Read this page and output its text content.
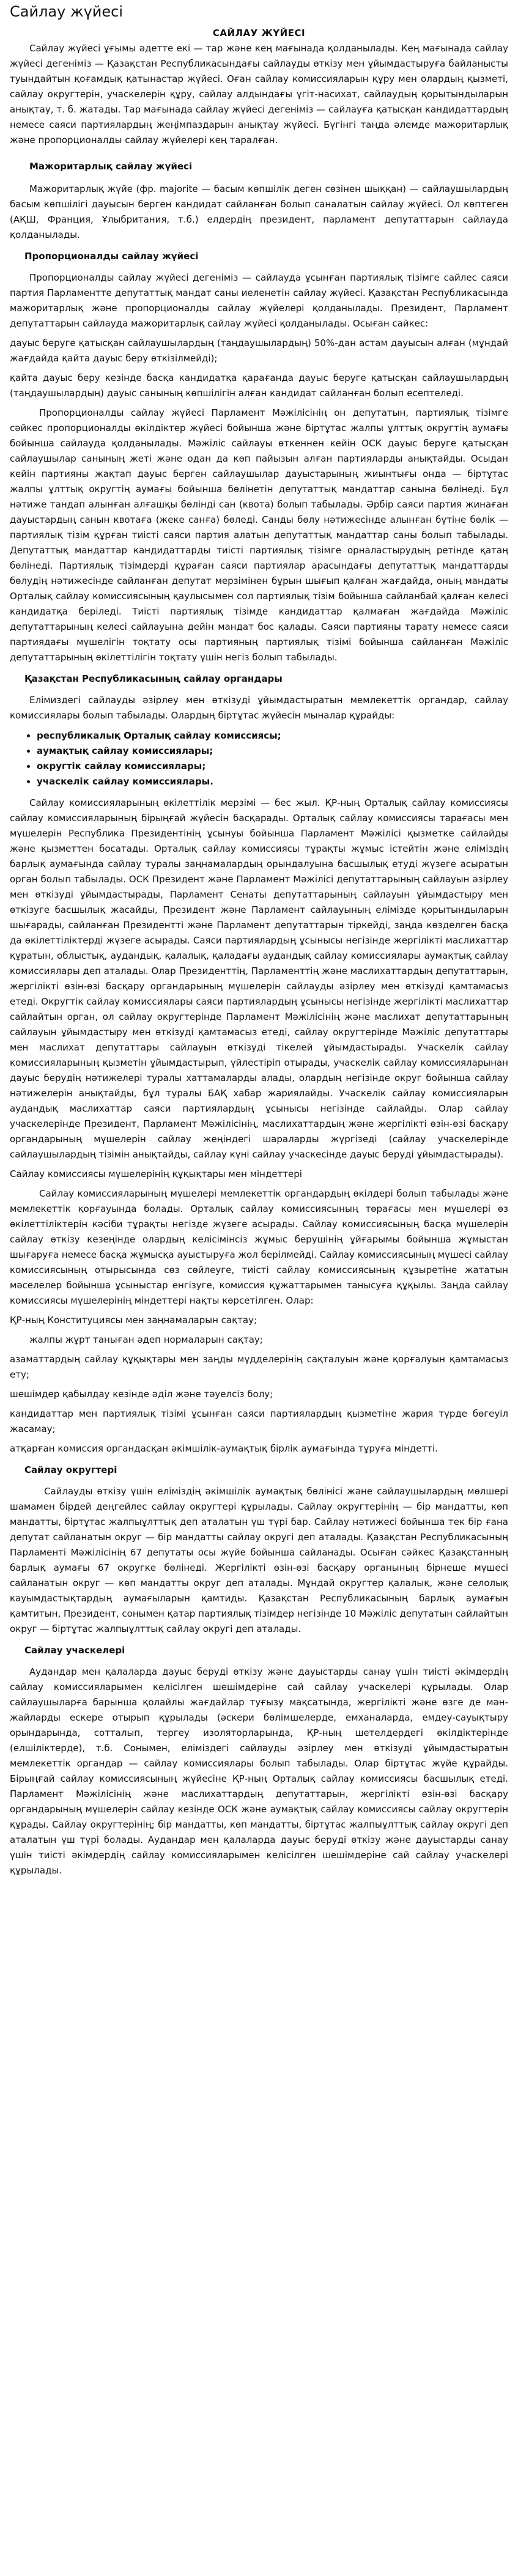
Сайлау жүйесі
САЙЛАУ ЖҮЙЕСІ

Сайлау жүйесі ұғымы әдетте екі — тар және кең мағынада қолданылады. Кең мағынада сайлау жүйесі дегеніміз — Қазақстан Республикасындағы сайлауды өткізу мен ұйымдастыруға байланысты туындайтын қоғамдық қатынастар жүйесі. Оған сайлау комиссияларын құру мен олардың қызметі, сайлау округтерін, учаскелерін құру, сайлау алдындағы үгіт-насихат, сайлаудың қорытындыларын анықтау, т. б. жатады. Тар мағынада сайлау жүйесі дегеніміз — сайлауға қатысқан кандидаттардың немесе саяси партиялардың жеңімпаздарын анықтау жүйесі. Бүгінгі таңда әлемде мажоритарлық және пропорционалды сайлау жүйелері кең таралған.

Мажоритарлық сайлау жүйесі

Мажоритарлық жүйе (фр. majorite — басым көпшілік деген сөзінен шыққан) — сайлаушылардың басым көпшілігі дауысын берген кандидат сайланған болып саналатын сайлау жүйесі. Ол көптеген (АҚШ, Франция, Ұлыбритания, т.б.) елдердің президент, парламент депутаттарын сайлауда қолданылады.

Пропорционалды сайлау жүйесі

Пропорционалды сайлау жүйесі дегеніміз — сайлауда ұсынған партиялық тізімге сайлес саяси партия Парламентте депутаттық мандат саны иеленетін сайлау жүйесі. Қазақстан Республикасында мажоритарлық және пропорционалды сайлау жүйелері қолданылады. Президент, Парламент депутаттарын сайлауда мажоритарлық сайлау жүйесі қолданылады. Осыған сайкес:

дауыс беруге қатысқан сайлаушылардың (таңдаушылардың) 50%-дан астам дауысын алған (мұндай жағдайда қайта дауыс беру өткізілмейді);

қайта дауыс беру кезінде басқа кандидатқа қарағанда дауыс беруге қатысқан сайлаушылардың (таңдаушылардың) дауыс санының көпшілігін алған кандидат сайланған болып есептеледі.

Пропорционалды сайлау жүйесі Парламент Мәжілісінің он депутатын, партиялық тізімге сәйкес пропорционалды өкілдіктер жүйесі бойынша және біртұтас жалпы ұлттық округтің аумағы бойынша сайлауда қолданылады. Мәжіліс сайлауы өткеннен кейін ОСК дауыс беруге қатысқан сайлаушылар санының жеті және одан да көп пайызын алған партияларды анықтайды. Осыдан кейін партияны жақтап дауыс берген сайлаушылар дауыстарының жиынтығы онда — біртұтас жалпы ұлттық округтің аумағы бойынша бөлінетін депутаттық мандаттар санына бөлінеді. Бұл нәтиже тандап алынған алғашқы бөлінді сан (квота) болып табылады. Әрбір саяси партия жинаған дауыстардың санын квотаға (жеке санға) бөледі. Санды бөлу нәтижесінде алынған бүтіне бөлік — партиялық тізім құрған тиісті саяси партия алатын депутаттық мандаттар саны болып табылады. Депутаттық мандаттар кандидаттарды тиісті партиялық тізімге орналастырудың ретінде қатаң бөлінеді. Партиялық тізімдерді құраған саяси партиялар арасындағы депутаттық мандаттарды бөлудің нәтижесінде сайланған депутат мерзімінен бұрын шығып қалған жағдайда, оның мандаты Орталық сайлау комиссиясының қаулысымен сол партиялық тізім бойынша сайланбай қалған келесі кандидатқа беріледі. Тиісті партиялық тізімде кандидаттар қалмаған жағдайда Мәжіліс депутаттарының келесі сайлауына дейін мандат бос қалады. Саяси партияны тарату немесе саяси партиядағы мүшелігін тоқтату осы партияның партиялық тізімі бойынша сайланған Мәжіліс депутаттарының өкілеттілігін тоқтату үшін негіз болып табылады.

Қазақстан Республикасының сайлау органдары

Елімиздегі сайлауды әзірлеу мен өткізуді ұйымдастыратын мемлекеттік органдар, сайлау комиссиялары болып табылады. Олардың біртұтас жүйесін мыналар құрайды:

• республикалық Орталық сайлау комиссиясы;
• аумақтық сайлау комиссиялары;
• округтік сайлау комиссиялары;
• учаскелік сайлау комиссиялары.

Сайлау комиссияларының өкілеттілік мерзімі — бес жыл. ҚР-ның Орталық сайлау комиссиясы сайлау комиссияларының бірыңғай жүйесін басқарады. Орталық сайлау комиссиясы тарағасы мен мүшелерін Республика Президентінің ұсынуы бойынша Парламент Мәжілісі қызметке сайлайды және қызметтен босатады. Орталық сайлау комиссиясы тұрақты жұмыс істейтін және елімiздің барлық аумағында сайлау туралы заңнамалардың орындалуына басшылық етуді жүзеге асыратын орган болып табылады. ОСК Президент және Парламент Мәжілісі депутаттарының сайлауын әзірлеу мен өткізуді ұйымдастырады, Парламент Сенаты депутаттарының сайлауын ұйымдастыру мен өткізуге басшылық жасайды, Президент және Парламент сайлауының елімізде қорытындыларын шығарады, сайланған Президентті және Парламент депутаттарын тіркейді, заңда көзделген басқа да өкілеттіліктерді жүзеге асырады. Саяси партиялардың ұсынысы негізінде жергілікті маслихаттар құратын, облыстық, аудандық, қалалық, қаладағы аудандық сайлау комиссиялары аумақтық сайлау комиссиялары деп аталады. Олар Президенттің, Парламенттің және маслихаттардың депутаттарын, жергілікті өзін-өзі басқару органдарының мүшелерін сайлауды әзірлеу мен өткізуді қамтамасыз етеді. Округтік сайлау комиссиялары саяси партиялардың ұсынысы негізінде жергілікті маслихаттар сайлайтын орган, ол сайлау округтерінде Парламент Мәжілісінің және маслихат депутаттарының сайлауын ұйымдастыру мен өткізуді қамтамасыз етеді, сайлау округтерінде Мәжіліс депутаттары мен маслихат депутаттары сайлауын өткізуді тікелей ұйымдастырады. Учаскелік сайлау комиссияларының қызметін ұйымдастырып, үйлестіріп отырады, учаскелік сайлау комиссияларынан дауыс берудің нәтижелері туралы хаттамаларды алады, олардың негізінде округ бойынша сайлау нәтижелерін анықтайды, бұл туралы БАҚ хабар жариялайды. Учаскелік сайлау комиссияларын аудандық маслихаттар саяси партиялардың ұсынысы негізінде сайлайды. Олар сайлау учаскелерінде Президент, Парламент Мәжілісінің, маслихаттардың және жергілікті өзін-өзі басқару органдарының мүшелерін сайлау жеңіндегі шараларды жүргізеді (сайлау учаскелерінде сайлаушылардың тізімін анықтайды, сайлау күні сайлау учаскесінде дауыс беруді ұйымдастырады).

Сайлау комиссиясы мүшелерінің құқықтары мен міндеттері

Сайлау комиссияларының мүшелері мемлекеттік органдардың өкілдері болып табылады және мемлекеттік қорғауында болады. Орталық сайлау комиссиясының төрағасы мен мүшелері өз өкілеттіліктерін кәсіби тұрақты негізде жүзеге асырады. Сайлау комиссиясының басқа мүшелерін сайлау өткізу кезеңінде олардың келісімінсіз жұмыс берушінің ұйғарымы бойынша жұмыстан шығаруға немесе басқа жұмысқа ауыстыруға жол берілмейді. Сайлау комиссиясының мүшесі сайлау комиссиясының отырысында сөз сөйлеуге, тиісті сайлау комиссиясының құзыретіне жататын мәселелер бойынша ұсыныстар енгізуге, комиссия құжаттарымен танысуға құқылы. Заңда сайлау комиссиясы мүшелерінің міндеттері нақты көрсетілген. Олар:

ҚР-ның Конституциясы мен заңнамаларын сақтау;

жалпы жұрт таныған әдеп нормаларын сақтау;

азаматтардың сайлау құқықтары мен заңды мүдделерінің сақталуын және қорғалуын қамтамасыз ету;

шешімдер қабылдау кезінде әділ және тәуелсіз болу;

кандидаттар мен партиялық тізімі ұсынған саяси партиялардың қызметіне жария түрде бөгеуіл жасамау;

атқарған комиссия органдасқан әкімшілік-аумақтық бірлік аумағында тұруға міндетті.

Сайлау округтері

Сайлауды өткізу үшін елімiздің әкімшілік аумақтық бөлінісі және сайлаушылардың мөлшері шамамен бірдей деңгейлес сайлау округтері құрылады. Сайлау округтерінің — бір мандатты, көп мандатты, біртұтас жалпыұлттық деп аталатын үш түрі бар. Сайлау нәтижесі бойынша тек бір ғана депутат сайланатын округ — бір мандатты сайлау округі деп аталады. Қазақстан Республикасының Парламенті Мәжілісінің 67 депутаты осы жүйе бойынша сайланады. Осыған сәйкес Қазақстанның барлық аумағы 67 округке бөлінеді. Жергілікті өзін-өзі басқару органының бірнеше мүшесі сайланатын округ — көп мандатты округ деп аталады. Мұндай округтер қалалық, және селолық кауымдастықтардың аумағыларын қамтиды. Қазақстан Республикасының барлық аумағын қамтитын, Президент, сонымен қатар партиялық тізімдер негізінде 10 Мәжіліс депутатын сайлайтын округ — біртұтас жалпыұлттық сайлау округі деп аталады.

Сайлау учаскелері

Аудандар мен қалаларда дауыс беруді өткізу және дауыстарды санау үшін тиісті әкімдердің сайлау комиссияларымен келісілген шешімдеріне сай сайлау учаскелері құрылады. Олар сайлаушыларға барынша қолайлы жағдайлар туғызу мақсатында, жергілікті және өзге де мән-жайларды ескере отырып құрылады (әскери бөлімшелерде, емханаларда, емдеу-сауықтыру орындарында, сотталып, тергеу изоляторларында, ҚР-ның шетелдердегі өкілдіктерінде (елшіліктерде), т.б. Сонымен, елімiздегі сайлауды әзірлеу мен өткізуді ұйымдастыратын мемлекеттік органдар — сайлау комиссиялары болып табылады. Олар біртұтас жүйе құрайды. Бірыңғай сайлау комиссиясының жүйесіне ҚР-ның Орталық сайлау комиссиясы басшылық етеді. Парламент Мәжілісінің және маслихаттардың депутаттарын, жергілікті өзін-өзі басқару органдарының мүшелерін сайлау кезінде ОСК және аумақтық сайлау комиссиясы сайлау округтерін құрады. Сайлау округтерінің; бір мандатты, көп мандатты, біртұтас жалпыұлттық сайлау округі деп аталатын үш түрі болады. Аудандар мен қалаларда дауыс беруді өткізу және дауыстарды санау үшін тиісті әкімдердің сайлау комиссияларымен келісілген шешімдеріне сай сайлау учаскелері құрылады.
